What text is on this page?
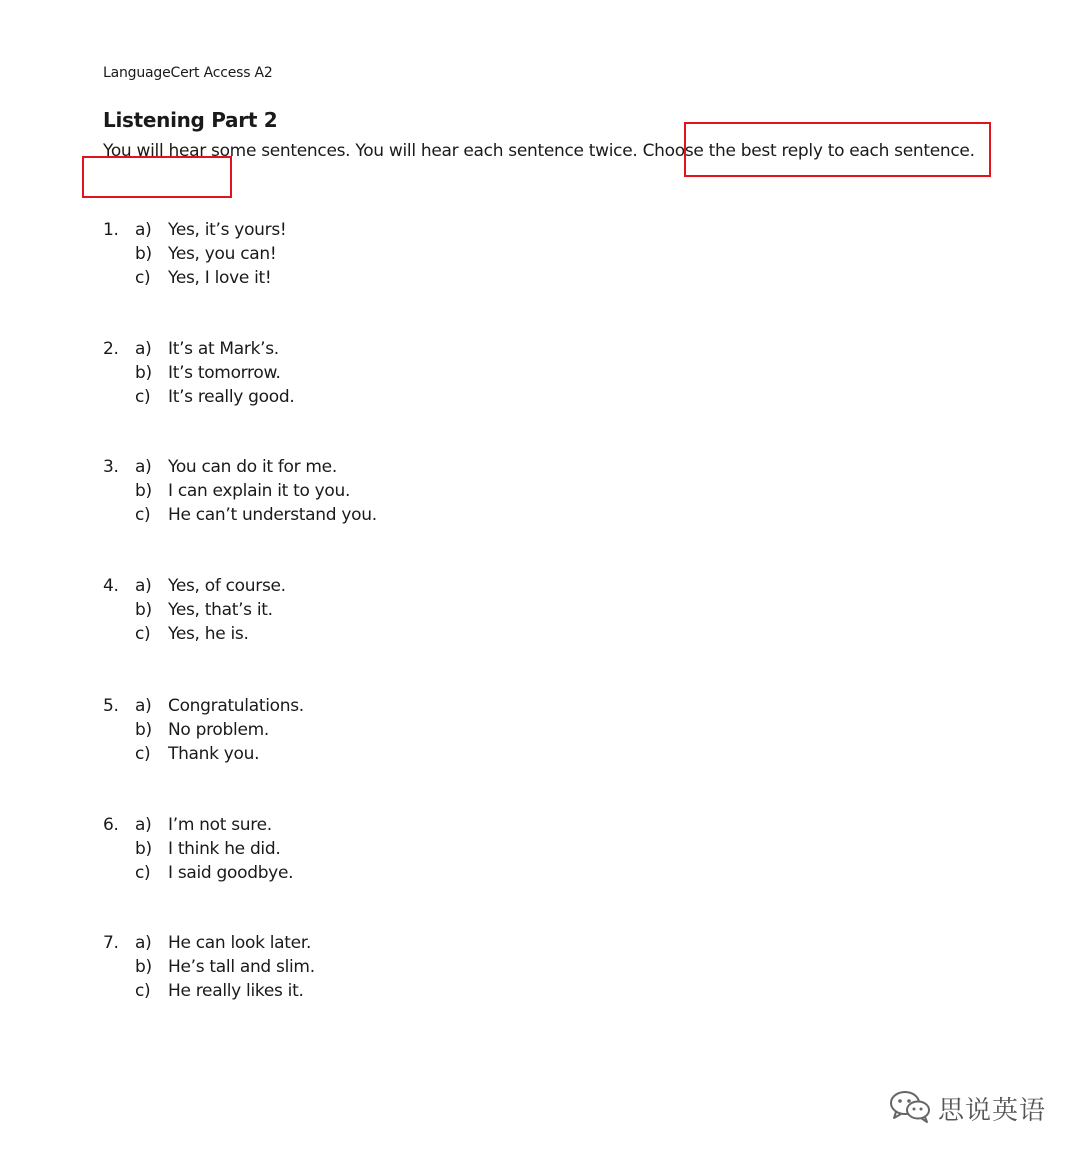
LanguageCert Access A2
Listening Part 2
You will hear some sentences. You will hear each sentence twice. Choose the best reply to each sentence.
1. a) Yes, it’s yours!
b) Yes, you can!
c) Yes, I love it!
2. a) It’s at Mark’s.
b) It’s tomorrow.
c) It’s really good.
3. a) You can do it for me.
b) I can explain it to you.
c) He can’t understand you.
4. a) Yes, of course.
b) Yes, that’s it.
c) Yes, he is.
5. a) Congratulations.
b) No problem.
c) Thank you.
6. a) I’m not sure.
b) I think he did.
c) I said goodbye.
7. a) He can look later.
b) He’s tall and slim.
c) He really likes it.
思说英语
